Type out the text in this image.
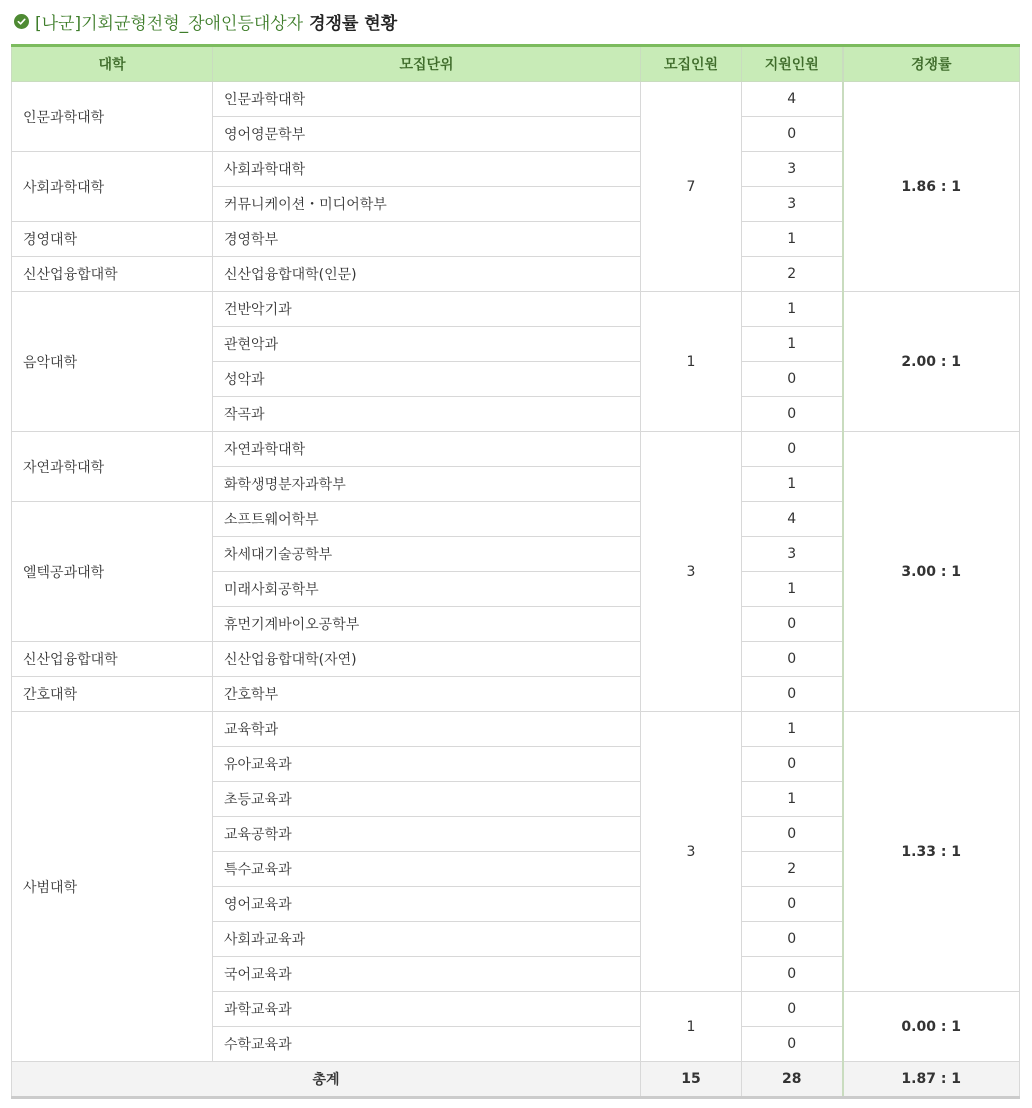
[나군]기회균형전형_장애인등대상자 경쟁률 현황
대학	모집단위	모집인원	지원인원	경쟁률
인문과학대학	인문과학대학	7	4	1.86 : 1
	영어영문학부		0	
사회과학대학	사회과학대학		3	
	커뮤니케이션・미디어학부		3	
경영대학	경영학부		1	
신산업융합대학	신산업융합대학(인문)		2	
음악대학	건반악기과	1	1	2.00 : 1
	관현악과		1	
	성악과		0	
	작곡과		0	
자연과학대학	자연과학대학	3	0	3.00 : 1
	화학생명분자과학부		1	
엘텍공과대학	소프트웨어학부		4	
	차세대기술공학부		3	
	미래사회공학부		1	
	휴먼기계바이오공학부		0	
신산업융합대학	신산업융합대학(자연)		0	
간호대학	간호학부		0	
사범대학	교육학과	3	1	1.33 : 1
	유아교육과		0	
	초등교육과		1	
	교육공학과		0	
	특수교육과		2	
	영어교육과		0	
	사회과교육과		0	
	국어교육과		0	
	과학교육과	1	0	0.00 : 1
	수학교육과		0	
총계		15	28	1.87 : 1
